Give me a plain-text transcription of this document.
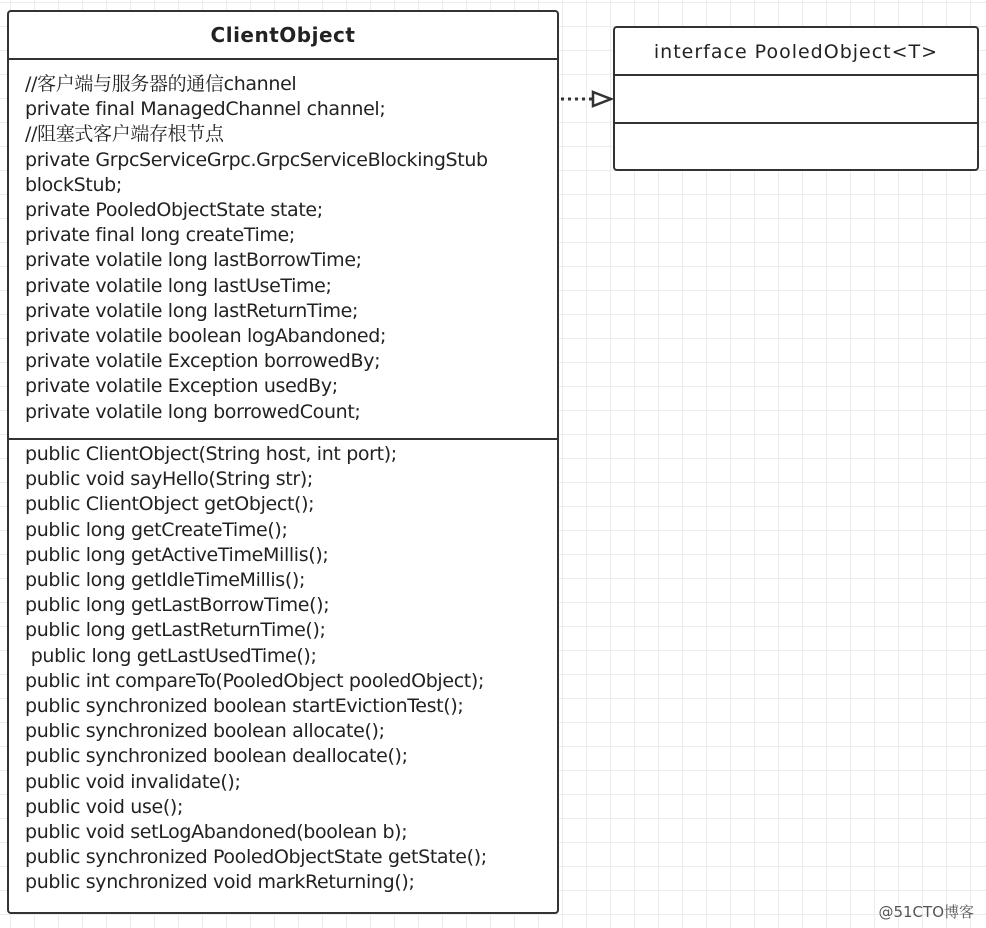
ClientObject
//客户端与服务器的通信channel
private final ManagedChannel channel;
//阻塞式客户端存根节点
private GrpcServiceGrpc.GrpcServiceBlockingStub
blockStub;
private PooledObjectState state;
private final long createTime;
private volatile long lastBorrowTime;
private volatile long lastUseTime;
private volatile long lastReturnTime;
private volatile boolean logAbandoned;
private volatile Exception borrowedBy;
private volatile Exception usedBy;
private volatile long borrowedCount;
public ClientObject(String host, int port);
public void sayHello(String str);
public ClientObject getObject();
public long getCreateTime();
public long getActiveTimeMillis();
public long getIdleTimeMillis();
public long getLastBorrowTime();
public long getLastReturnTime();
public long getLastUsedTime();
public int compareTo(PooledObject pooledObject);
public synchronized boolean startEvictionTest();
public synchronized boolean allocate();
public synchronized boolean deallocate();
public void invalidate();
public void use();
public void setLogAbandoned(boolean b);
public synchronized PooledObjectState getState();
public synchronized void markReturning();
interface PooledObject<T>
@51CTO博客
